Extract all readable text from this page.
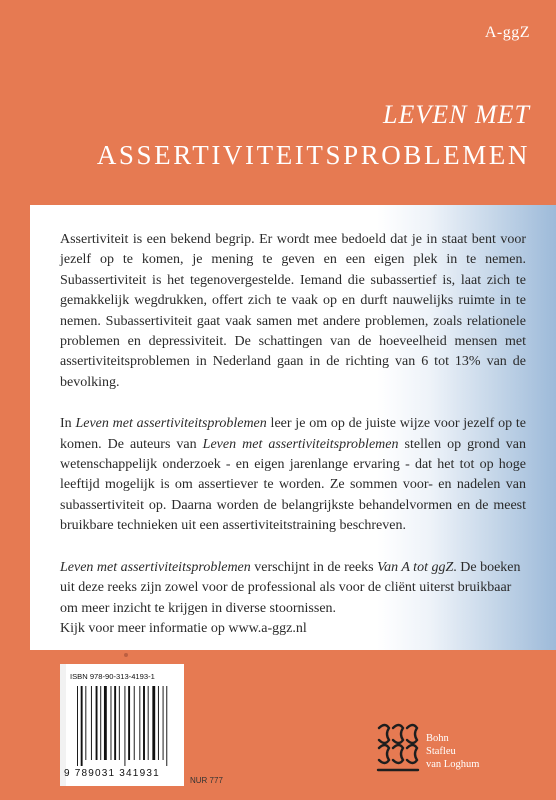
A-ggZ
LEVEN MET
ASSERTIVITEITSPROBLEMEN

Assertiviteit is een bekend begrip. Er wordt mee bedoeld dat je in staat bent voor jezelf op te komen, je mening te geven en een eigen plek in te nemen. Subassertiviteit is het tegenovergestelde. Iemand die subassertief is, laat zich te gemakkelijk wegdrukken, offert zich te vaak op en durft nauwelijks ruimte in te nemen. Subassertiviteit gaat vaak samen met andere problemen, zoals relationele problemen en depressiviteit. De schattingen van de hoeveelheid mensen met assertiviteitsproblemen in Nederland gaan in de richting van 6 tot 13% van de bevolking.

In Leven met assertiviteitsproblemen leer je om op de juiste wijze voor jezelf op te komen. De auteurs van Leven met assertiviteitsproblemen stellen op grond van wetenschappelijk onderzoek - en eigen jarenlange ervaring - dat het tot op hoge leeftijd mogelijk is om assertiever te worden. Ze sommen voor- en nadelen van subassertiviteit op. Daarna worden de belangrijkste behandelvormen en de meest bruikbare technieken uit een assertiviteitstraining beschreven.

Leven met assertiviteitsproblemen verschijnt in de reeks Van A tot ggZ. De boeken uit deze reeks zijn zowel voor de professional als voor de cliënt uiterst bruikbaar om meer inzicht te krijgen in diverse stoornissen.
Kijk voor meer informatie op www.a-ggz.nl

ISBN 978-90-313-4193-1
9 789031 341931
NUR 777
Bohn
Stafleu
van Loghum
